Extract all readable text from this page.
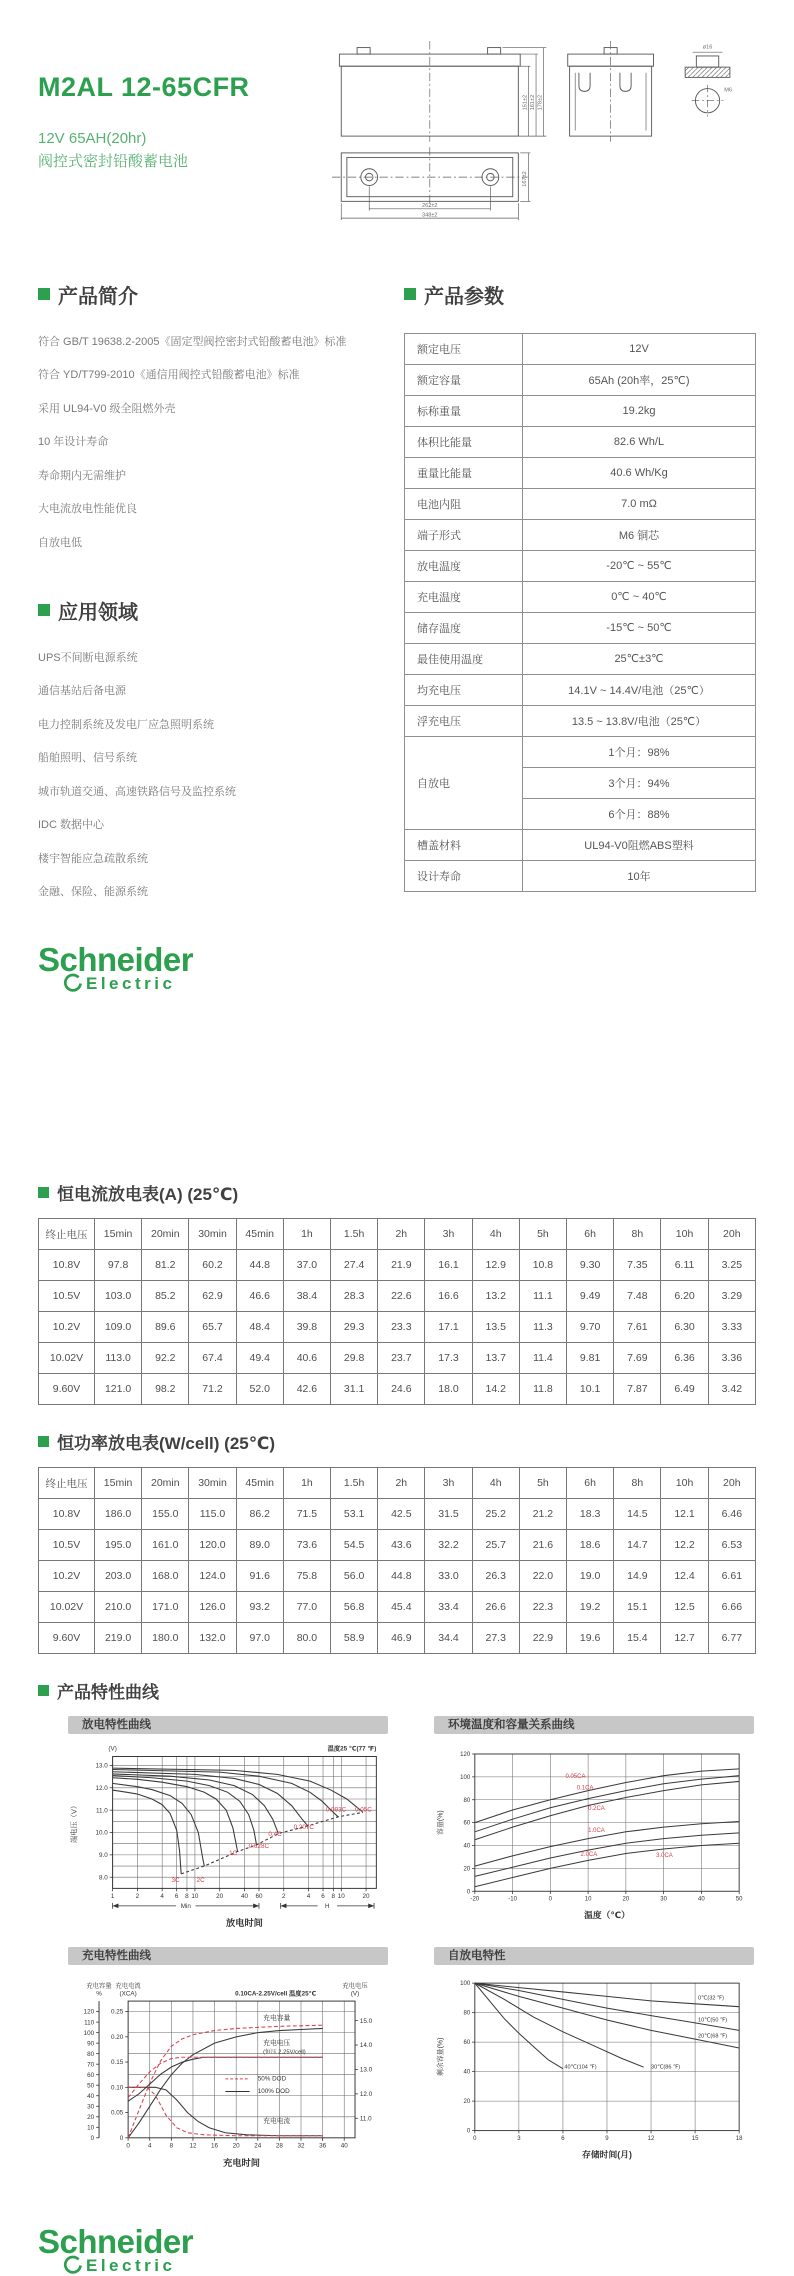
M2AL 12-65CFR
12V 65AH(20hr)
阀控式密封铅酸蓄电池
151±2 161±2 178±2
262±2
348±2
167±2
ø16
M6
产品简介
符合 GB/T 19638.2-2005《固定型阀控密封式铅酸蓄电池》标准
符合 YD/T799-2010《通信用阀控式铅酸蓄电池》标准
采用 UL94-V0 级全阻燃外壳
10 年设计寿命
寿命期内无需维护
大电流放电性能优良
自放电低
应用领域
UPS不间断电源系统
通信基站后备电源
电力控制系统及发电厂应急照明系统
船舶照明、信号系统
城市轨道交通、高速铁路信号及监控系统
IDC 数据中心
楼宇智能应急疏散系统
金融、保险、能源系统
Schneider
Electric
产品参数
额定电压	12V
额定容量	65Ah (20h率，25℃)
标称重量	19.2kg
体积比能量	82.6 Wh/L
重量比能量	40.6 Wh/Kg
电池内阻	7.0 mΩ
端子形式	M6 铜芯
放电温度	-20℃ ~ 55℃
充电温度	0℃ ~ 40℃
储存温度	-15℃ ~ 50℃
最佳使用温度	25℃±3℃
均充电压	14.1V ~ 14.4V/电池（25℃）
浮充电压	13.5 ~ 13.8V/电池（25℃）
自放电	1个月：98%
	3个月：94%
	6个月：88%
槽盖材料	UL94-V0阻燃ABS塑料
设计寿命	10年
恒电流放电表(A) (25℃)
终止电压	15min	20min	30min	45min	1h	1.5h	2h	3h	4h	5h	6h	8h	10h	20h
10.8V	97.8	81.2	60.2	44.8	37.0	27.4	21.9	16.1	12.9	10.8	9.30	7.35	6.11	3.25
10.5V	103.0	85.2	62.9	46.6	38.4	28.3	22.6	16.6	13.2	11.1	9.49	7.48	6.20	3.29
10.2V	109.0	89.6	65.7	48.4	39.8	29.3	23.3	17.1	13.5	11.3	9.70	7.61	6.30	3.33
10.02V	113.0	92.2	67.4	49.4	40.6	29.8	23.7	17.3	13.7	11.4	9.81	7.69	6.36	3.36
9.60V	121.0	98.2	71.2	52.0	42.6	31.1	24.6	18.0	14.2	11.8	10.1	7.87	6.49	3.42
恒功率放电表(W/cell) (25℃)
终止电压	15min	20min	30min	45min	1h	1.5h	2h	3h	4h	5h	6h	8h	10h	20h
10.8V	186.0	155.0	115.0	86.2	71.5	53.1	42.5	31.5	25.2	21.2	18.3	14.5	12.1	6.46
10.5V	195.0	161.0	120.0	89.0	73.6	54.5	43.6	32.2	25.7	21.6	18.6	14.7	12.2	6.53
10.2V	203.0	168.0	124.0	91.6	75.8	56.0	44.8	33.0	26.3	22.0	19.0	14.9	12.4	6.61
10.02V	210.0	171.0	126.0	93.2	77.0	56.8	45.4	33.4	26.6	22.3	19.2	15.1	12.5	6.66
9.60V	219.0	180.0	132.0	97.0	80.0	58.9	46.9	34.4	27.3	22.9	19.6	15.4	12.7	6.77
产品特性曲线
放电特性曲线
1	2	4 6 8 10	20	40 60	2	4 6 8 10	20
8.0
9.0
10.0
11.0
12.0
13.0
(V)
端电压（V）
放电时间
温度25 ℃(77 ℉)
Min	H
3C	2C
1C
0.628C
0.4C
0.207C
0.093C 0.05C
环境温度和容量关系曲线
-20	-10	0	10	20	30	40	50
0
20
40
60
80
100
120
容量(%)
温度（℃）
0.05CA
0.1CA
0.2CA
1.0CA
2.0CA	3.0CA
充电特性曲线
0	4	8	12 16 20 24 28 32 36 40
0
10
20
30
40
50
60
70
80
90
100
110
120
充电容量
%
0
0.05
0.10
0.15
0.20
0.25
充电电流
(XCA)
11.0
12.0
13.0
14.0
15.0
充电电压
(V)
充电时间
0.10CA-2.25V/cell 温度25℃
充电容量
充电电压
(恒压 2.25V/cell)
50% DOD
100% DOD
充电电流
自放电特性
0	3	6	9	12	15	18
0
20
40
60
80
100
剩余容量(%)
存储时间(月)
0℃(32 ℉)
10℃(50 ℉)
20℃(68 ℉)
30℃(86 ℉)
40℃(104 ℉)
Schneider
Electric
